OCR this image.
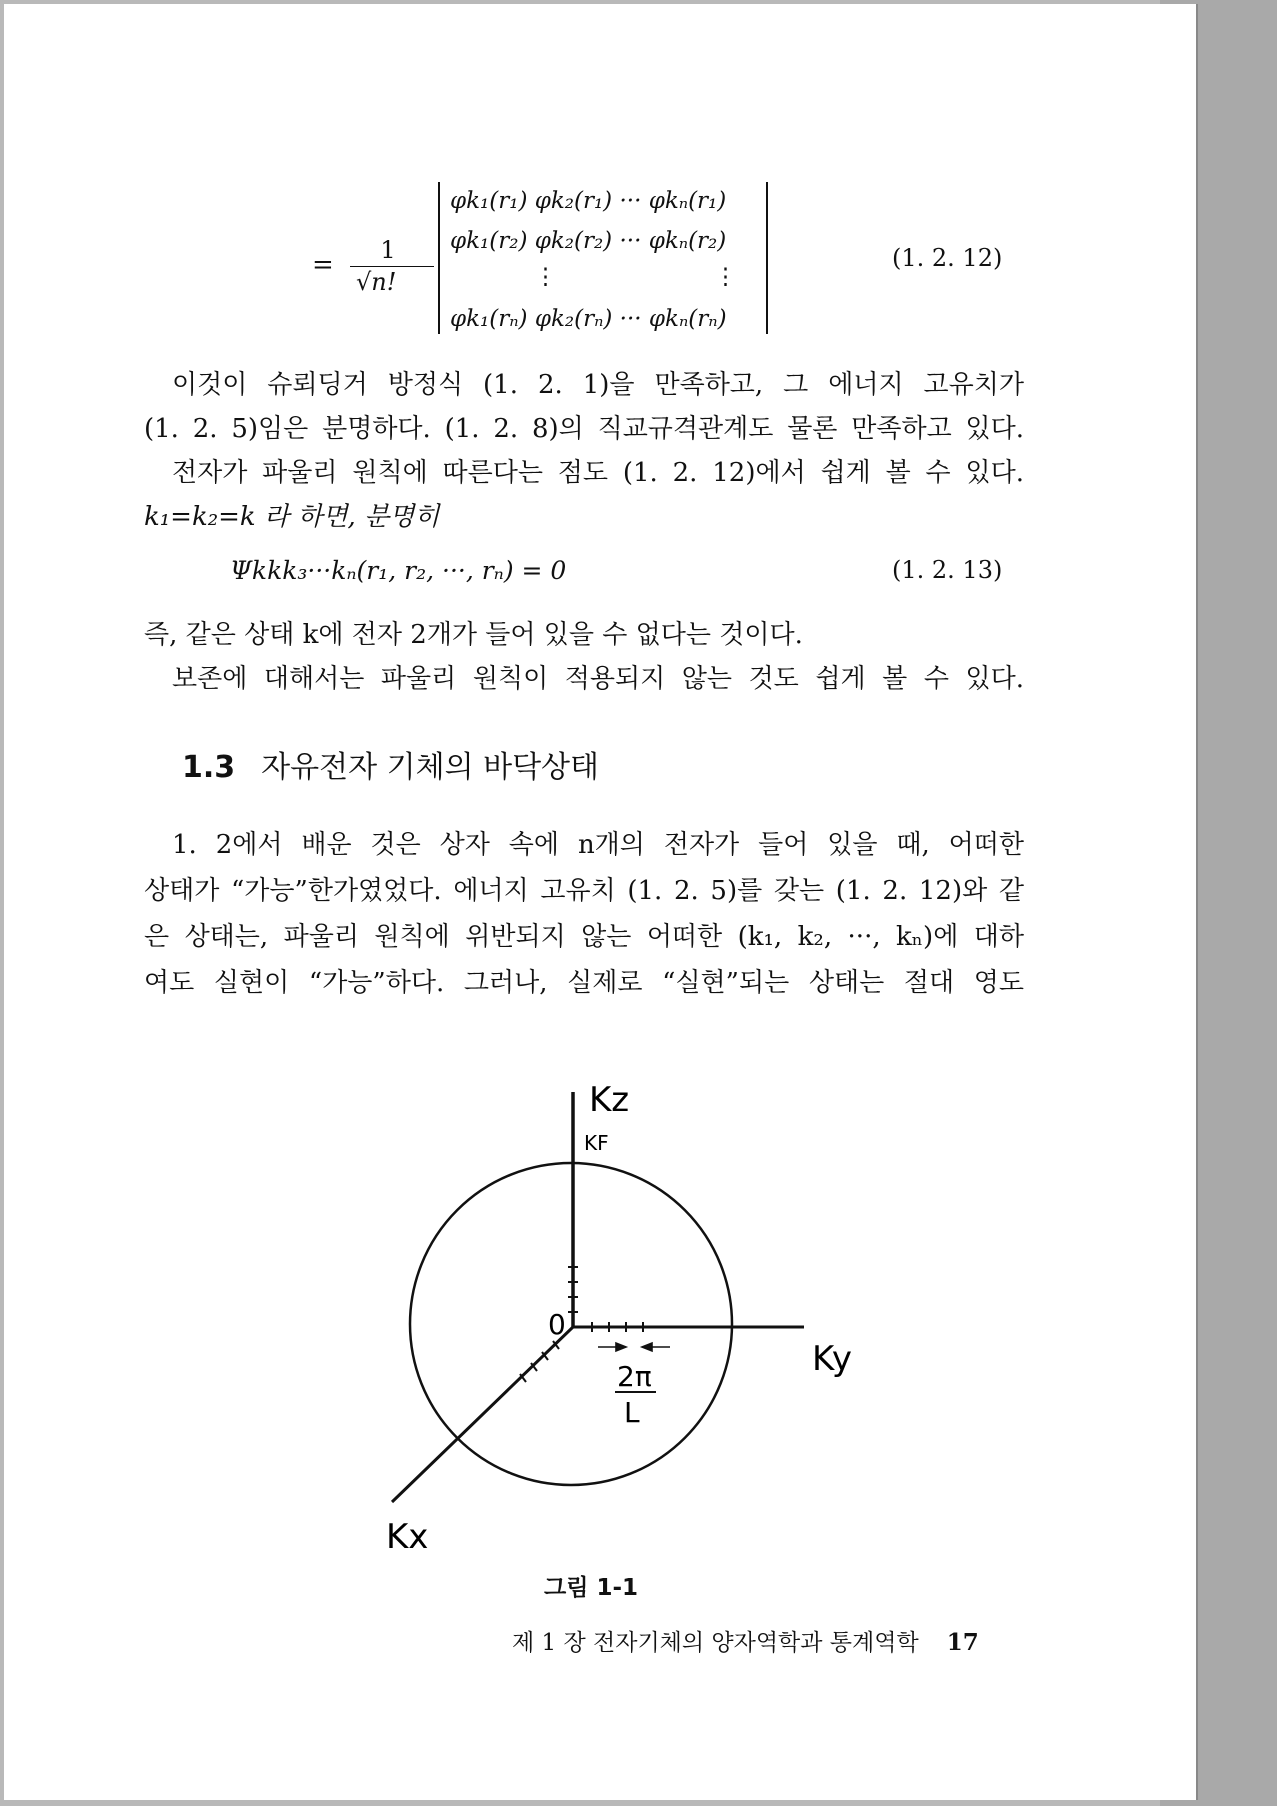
=	1
√n!
φk₁(r₁) φk₂(r₁) ··· φkₙ(r₁)
φk₁(r₂) φk₂(r₂) ··· φkₙ(r₂)
⋮	⋮
φk₁(rₙ) φk₂(rₙ) ··· φkₙ(rₙ)
(1. 2. 12)
이것이 슈뢰딩거 방정식 (1. 2. 1)을 만족하고, 그 에너지 고유치가
(1. 2. 5)임은 분명하다. (1. 2. 8)의 직교규격관계도 물론 만족하고 있다.
전자가 파울리 원칙에 따른다는 점도 (1. 2. 12)에서 쉽게 볼 수 있다.
k₁=k₂=k 라 하면, 분명히
Ψkkk₃···kₙ(r₁, r₂, ···, rₙ) = 0	(1. 2. 13)
즉, 같은 상태 k에 전자 2개가 들어 있을 수 없다는 것이다.
보존에 대해서는 파울리 원칙이 적용되지 않는 것도 쉽게 볼 수 있다.
1.3 자유전자 기체의 바닥상태
1. 2에서 배운 것은 상자 속에 n개의 전자가 들어 있을 때, 어떠한
상태가 “가능”한가였었다. 에너지 고유치 (1. 2. 5)를 갖는 (1. 2. 12)와 같
은 상태는, 파울리 원칙에 위반되지 않는 어떠한 (k₁, k₂, ···, kₙ)에 대하
여도 실현이 “가능”하다. 그러나, 실제로 “실현”되는 상태는 절대 영도
Kz
KF
0
Ky
Kx
2π
L
그림 1-1
제 1 장 전자기체의 양자역학과 통계역학 17
